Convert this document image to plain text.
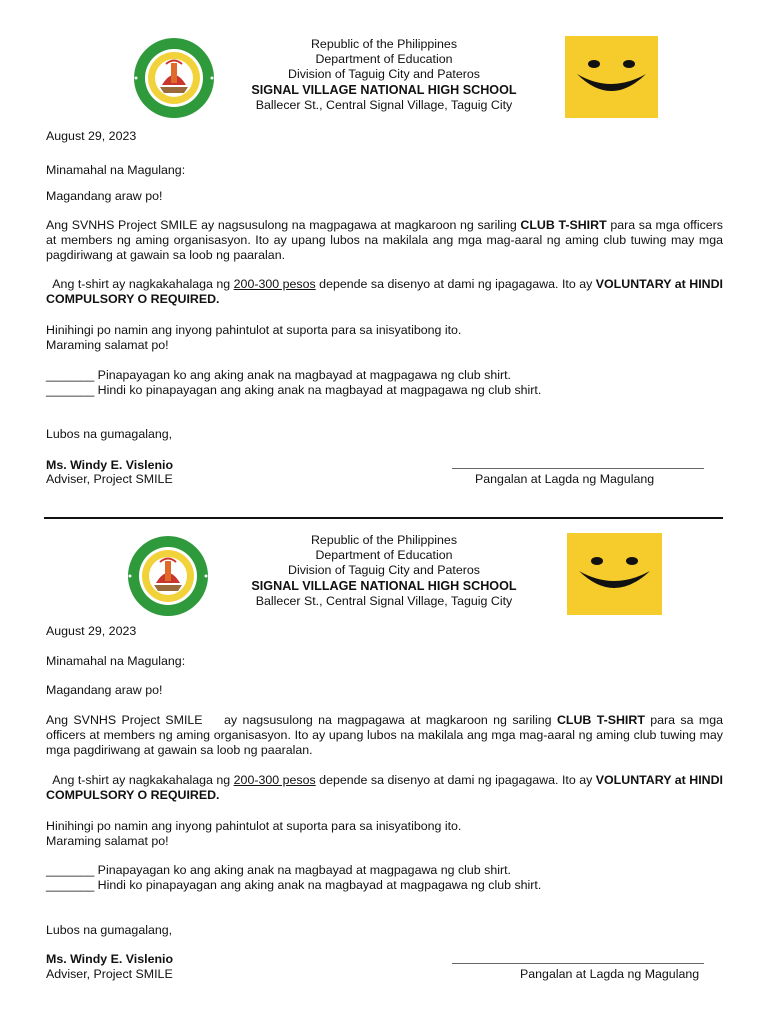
Republic of the Philippines
Department of Education
Division of Taguig City and Pateros
SIGNAL VILLAGE NATIONAL HIGH SCHOOL
Ballecer St., Central Signal Village, Taguig City
August 29, 2023
Minamahal na Magulang:
Magandang araw po!
Ang SVNHS Project SMILE ay nagsusulong na magpagawa at magkaroon ng sariling CLUB T-SHIRT para sa mga officers at members ng aming organisasyon. Ito ay upang lubos na makilala ang mga mag-aaral ng aming club tuwing may mga pagdiriwang at gawain sa loob ng paaralan.
Ang t-shirt ay nagkakahalaga ng 200-300 pesos depende sa disenyo at dami ng ipagagawa. Ito ay VOLUNTARY at HINDI COMPULSORY O REQUIRED.
Hinihingi po namin ang inyong pahintulot at suporta para sa inisyatibong ito.
Maraming salamat po!
_______ Pinapayagan ko ang aking anak na magbayad at magpagawa ng club shirt.
_______ Hindi ko pinapayagan ang aking anak na magbayad at magpagawa ng club shirt.
Lubos na gumagalang,
Ms. Windy E. Vislenio
Adviser, Project SMILE	Pangalan at Lagda ng Magulang
Republic of the Philippines
Department of Education
Division of Taguig City and Pateros
SIGNAL VILLAGE NATIONAL HIGH SCHOOL
Ballecer St., Central Signal Village, Taguig City
August 29, 2023
Minamahal na Magulang:
Magandang araw po!
Ang SVNHS Project SMILE    ay nagsusulong na magpagawa at magkaroon ng sariling CLUB T-SHIRT para sa mga officers at members ng aming organisasyon. Ito ay upang lubos na makilala ang mga mag-aaral ng aming club tuwing may mga pagdiriwang at gawain sa loob ng paaralan.
Ang t-shirt ay nagkakahalaga ng 200-300 pesos depende sa disenyo at dami ng ipagagawa. Ito ay VOLUNTARY at HINDI COMPULSORY O REQUIRED.
Hinihingi po namin ang inyong pahintulot at suporta para sa inisyatibong ito.
Maraming salamat po!
_______ Pinapayagan ko ang aking anak na magbayad at magpagawa ng club shirt.
_______ Hindi ko pinapayagan ang aking anak na magbayad at magpagawa ng club shirt.
Lubos na gumagalang,
Ms. Windy E. Vislenio
Adviser, Project SMILE	Pangalan at Lagda ng Magulang
